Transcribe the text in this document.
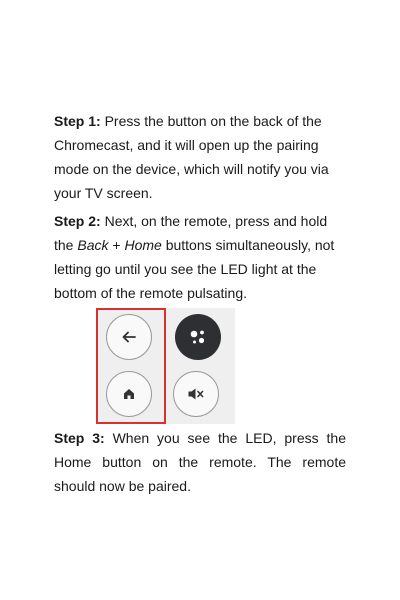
Step 1: Press the button on the back of the Chromecast, and it will open up the pairing mode on the device, which will notify you via your TV screen.

Step 2: Next, on the remote, press and hold the Back + Home buttons simultaneously, not letting go until you see the LED light at the bottom of the remote pulsating.

Step 3: When you see the LED, press the Home button on the remote. The remote should now be paired.
